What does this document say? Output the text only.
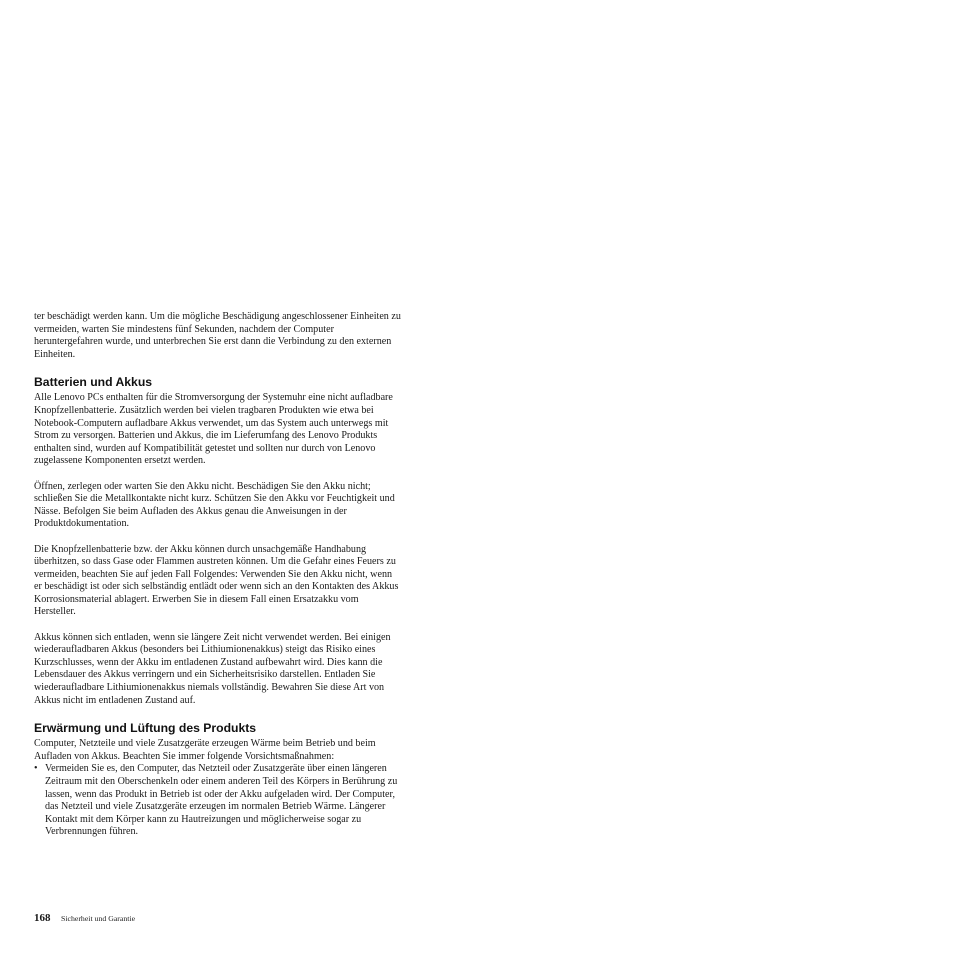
ter beschädigt werden kann. Um die mögliche Beschädigung angeschlossener Einheiten zu vermeiden, warten Sie mindestens fünf Sekunden, nachdem der Computer heruntergefahren wurde, und unterbrechen Sie erst dann die Verbindung zu den externen Einheiten.

Batterien und Akkus

Alle Lenovo PCs enthalten für die Stromversorgung der Systemuhr eine nicht aufladbare Knopfzellenbatterie. Zusätzlich werden bei vielen tragbaren Produkten wie etwa bei Notebook-Computern aufladbare Akkus verwendet, um das System auch unterwegs mit Strom zu versorgen. Batterien und Akkus, die im Lieferumfang des Lenovo Produkts enthalten sind, wurden auf Kompatibilität getestet und sollten nur durch von Lenovo zugelassene Komponenten ersetzt werden.

Öffnen, zerlegen oder warten Sie den Akku nicht. Beschädigen Sie den Akku nicht; schließen Sie die Metallkontakte nicht kurz. Schützen Sie den Akku vor Feuchtigkeit und Nässe. Befolgen Sie beim Aufladen des Akkus genau die Anweisungen in der Produktdokumentation.

Die Knopfzellenbatterie bzw. der Akku können durch unsachgemäße Handhabung überhitzen, so dass Gase oder Flammen austreten können. Um die Gefahr eines Feuers zu vermeiden, beachten Sie auf jeden Fall Folgendes: Verwenden Sie den Akku nicht, wenn er beschädigt ist oder sich selbständig entlädt oder wenn sich an den Kontakten des Akkus Korrosionsmaterial ablagert. Erwerben Sie in diesem Fall einen Ersatzakku vom Hersteller.

Akkus können sich entladen, wenn sie längere Zeit nicht verwendet werden. Bei einigen wiederaufladbaren Akkus (besonders bei Lithiumionenakkus) steigt das Risiko eines Kurzschlusses, wenn der Akku im entladenen Zustand aufbewahrt wird. Dies kann die Lebensdauer des Akkus verringern und ein Sicherheitsrisiko darstellen. Entladen Sie wiederaufladbare Lithiumionenakkus niemals vollständig. Bewahren Sie diese Art von Akkus nicht im entladenen Zustand auf.

Erwärmung und Lüftung des Produkts

Computer, Netzteile und viele Zusatzgeräte erzeugen Wärme beim Betrieb und beim Aufladen von Akkus. Beachten Sie immer folgende Vorsichtsmaßnahmen:

• Vermeiden Sie es, den Computer, das Netzteil oder Zusatzgeräte über einen längeren Zeitraum mit den Oberschenkeln oder einem anderen Teil des Körpers in Berührung zu lassen, wenn das Produkt in Betrieb ist oder der Akku aufgeladen wird. Der Computer, das Netzteil und viele Zusatzgeräte erzeugen im normalen Betrieb Wärme. Längerer Kontakt mit dem Körper kann zu Hautreizungen und möglicherweise sogar zu Verbrennungen führen.
168 Sicherheit und Garantie
